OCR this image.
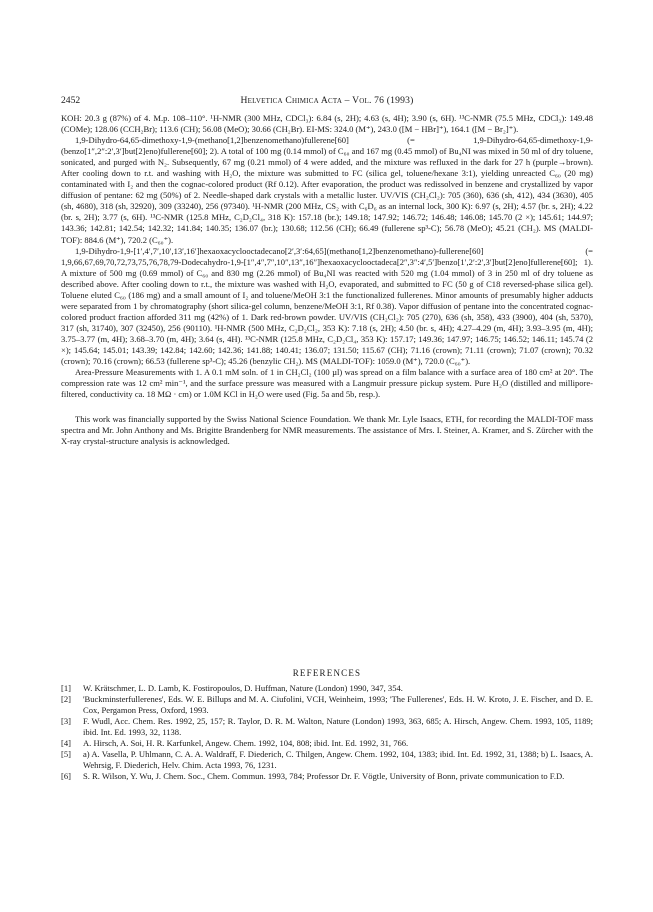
2452	Helvetica Chimica Acta – Vol. 76 (1993)

KOH: 20.3 g (87%) of 4. M.p. 108–110°. ¹H-NMR (300 MHz, CDCl₃): 6.84 (s, 2H); 4.63 (s, 4H); 3.90 (s, 6H). ¹³C-NMR (75.5 MHz, CDCl₃): 149.48 (COMe); 128.06 (CCH₂Br); 113.6 (CH); 56.08 (MeO); 30.66 (CH₂Br). EI-MS: 324.0 (M⁺), 243.0 ([M − HBr]⁺), 164.1 ([M − Br₂]⁺).

1,9-Dihydro-64,65-dimethoxy-1,9-(methano[1,2]benzenomethano)fullerene[60] (= 1,9-Dihydro-64,65-dimethoxy-1,9-(benzo[1″,2″:2′,3′]but[2]eno)fullerene[60]; 2). A total of 100 mg (0.14 mmol) of C₆₀ and 167 mg (0.45 mmol) of Bu₄NI was mixed in 50 ml of dry toluene, sonicated, and purged with N₂. Subsequently, 67 mg (0.21 mmol) of 4 were added, and the mixture was refluxed in the dark for 27 h (purple→brown). After cooling down to r.t. and washing with H₂O, the mixture was submitted to FC (silica gel, toluene/hexane 3:1), yielding unreacted C₆₀ (20 mg) contaminated with I₂ and then the cognac-colored product (Rf 0.12). After evaporation, the product was redissolved in benzene and crystallized by vapor diffusion of pentane: 62 mg (50%) of 2. Needle-shaped dark crystals with a metallic luster. UV/VIS (CH₂Cl₂): 705 (360), 636 (sh, 412), 434 (3630), 405 (sh, 4680), 318 (sh, 32920), 309 (33240), 256 (97340). ¹H-NMR (200 MHz, CS₂ with C₆D₆ as an internal lock, 300 K): 6.97 (s, 2H); 4.57 (br. s, 2H); 4.22 (br. s, 2H); 3.77 (s, 6H). ¹³C-NMR (125.8 MHz, C₂D₂Cl₄, 318 K): 157.18 (br.); 149.18; 147.92; 146.72; 146.48; 146.08; 145.70 (2 ×); 145.61; 144.97; 143.36; 142.81; 142.54; 142.32; 141.84; 140.35; 136.07 (br.); 130.68; 112.56 (CH); 66.49 (fullerene sp³-C); 56.78 (MeO); 45.21 (CH₂). MS (MALDI-TOF): 884.6 (M⁺), 720.2 (C₆₀⁺).

1,9-Dihydro-1,9-[1′,4′,7′,10′,13′,16′]hexaoxacyclooctadecano[2′,3′:64,65](methano[1,2]benzenomethano)-fullerene[60] (= 1,9,66,67,69,70,72,73,75,76,78,79-Dodecahydro-1,9-[1″,4″,7″,10″,13″,16″]hexaoxacyclooctadeca[2″,3″:4′,5′]benzo[1′,2′:2′,3′]but[2]eno]fullerene[60]; 1). A mixture of 500 mg (0.69 mmol) of C₆₀ and 830 mg (2.26 mmol) of Bu₄NI was reacted with 520 mg (1.04 mmol) of 3 in 250 ml of dry toluene as described above. After cooling down to r.t., the mixture was washed with H₂O, evaporated, and submitted to FC (50 g of C18 reversed-phase silica gel). Toluene eluted C₆₀ (186 mg) and a small amount of I₂ and toluene/MeOH 3:1 the functionalized fullerenes. Minor amounts of presumably higher adducts were separated from 1 by chromatography (short silica-gel column, benzene/MeOH 3:1, Rf 0.38). Vapor diffusion of pentane into the concentrated cognac-colored product fraction afforded 311 mg (42%) of 1. Dark red-brown powder. UV/VIS (CH₂Cl₂): 705 (270), 636 (sh, 358), 433 (3900), 404 (sh, 5370), 317 (sh, 31740), 307 (32450), 256 (90110). ¹H-NMR (500 MHz, C₂D₂Cl₂, 353 K): 7.18 (s, 2H); 4.50 (br. s, 4H); 4.27–4.29 (m, 4H); 3.93–3.95 (m, 4H); 3.75–3.77 (m, 4H); 3.68–3.70 (m, 4H); 3.64 (s, 4H). ¹³C-NMR (125.8 MHz, C₂D₂Cl₄, 353 K): 157.17; 149.36; 147.97; 146.75; 146.52; 146.11; 145.74 (2 ×); 145.64; 145.01; 143.39; 142.84; 142.60; 142.36; 141.88; 140.41; 136.07; 131.50; 115.67 (CH); 71.16 (crown); 71.11 (crown); 71.07 (crown); 70.32 (crown); 70.16 (crown); 66.53 (fullerene sp³-C); 45.26 (benzylic CH₂). MS (MALDI-TOF): 1059.0 (M⁺), 720.0 (C₆₀⁺).

Area-Pressure Measurements with 1. A 0.1 mM soln. of 1 in CH₂Cl₂ (100 µl) was spread on a film balance with a surface area of 180 cm² at 20°. The compression rate was 12 cm² min⁻¹, and the surface pressure was measured with a Langmuir pressure pickup system. Pure H₂O (distilled and millipore-filtered, conductivity ca. 18 MΩ · cm) or 1.0M KCl in H₂O were used (Fig. 5a and 5b, resp.).

This work was financially supported by the Swiss National Science Foundation. We thank Mr. Lyle Isaacs, ETH, for recording the MALDI-TOF mass spectra and Mr. John Anthony and Ms. Brigitte Brandenberg for NMR measurements. The assistance of Mrs. I. Steiner, A. Kramer, and S. Zürcher with the X-ray crystal-structure analysis is acknowledged.

REFERENCES

[1] W. Krätschmer, L. D. Lamb, K. Fostiropoulos, D. Huffman, Nature (London) 1990, 347, 354.

[2] 'Buckminsterfullerenes', Eds. W. E. Billups and M. A. Ciufolini, VCH, Weinheim, 1993; 'The Fullerenes', Eds. H. W. Kroto, J. E. Fischer, and D. E. Cox, Pergamon Press, Oxford, 1993.

[3] F. Wudl, Acc. Chem. Res. 1992, 25, 157; R. Taylor, D. R. M. Walton, Nature (London) 1993, 363, 685; A. Hirsch, Angew. Chem. 1993, 105, 1189; ibid. Int. Ed. 1993, 32, 1138.

[4] A. Hirsch, A. Soi, H. R. Karfunkel, Angew. Chem. 1992, 104, 808; ibid. Int. Ed. 1992, 31, 766.

[5] a) A. Vasella, P. Uhlmann, C. A. A. Waldraff, F. Diederich, C. Thilgen, Angew. Chem. 1992, 104, 1383; ibid. Int. Ed. 1992, 31, 1388; b) L. Isaacs, A. Wehrsig, F. Diederich, Helv. Chim. Acta 1993, 76, 1231.

[6] S. R. Wilson, Y. Wu, J. Chem. Soc., Chem. Commun. 1993, 784; Professor Dr. F. Vögtle, University of Bonn, private communication to F.D.
